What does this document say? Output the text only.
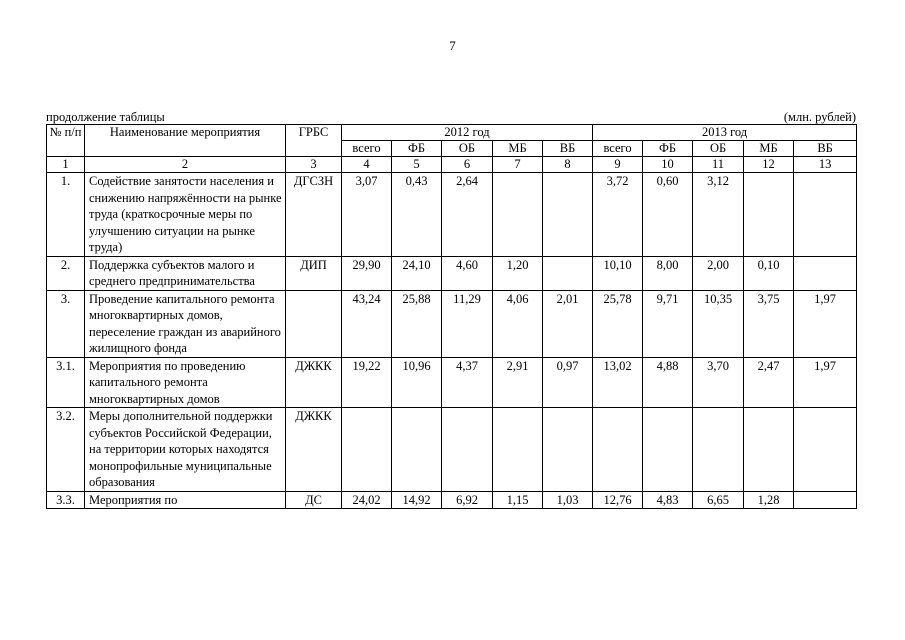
7
продолжение таблицы	(млн. рублей)
№ п/п	Наименование мероприятия	ГРБС	2012 год					2013 год				
			всего	ФБ	ОБ	МБ	ВБ	всего	ФБ	ОБ	МБ	ВБ
1	2	3	4	5	6	7	8	9	10	11	12	13
1.	Содействие занятости населения и снижению напряжённости на рынке труда (краткосрочные меры по улучшению ситуации на рынке труда)	ДГСЗН	3,07	0,43	2,64			3,72	0,60	3,12		
2.	Поддержка субъектов малого и среднего предпринимательства	ДИП	29,90	24,10	4,60	1,20		10,10	8,00	2,00	0,10	
3.	Проведение капитального ремонта многоквартирных домов, переселение граждан из аварийного жилищного фонда		43,24	25,88	11,29	4,06	2,01	25,78	9,71	10,35	3,75	1,97
3.1.	Мероприятия по проведению капитального ремонта многоквартирных домов	ДЖКК	19,22	10,96	4,37	2,91	0,97	13,02	4,88	3,70	2,47	1,97
3.2.	Меры дополнительной поддержки субъектов Российской Федерации, на территории которых находятся монопрофильные муниципальные образования	ДЖКК										
3.3.	Мероприятия по	ДС	24,02	14,92	6,92	1,15	1,03	12,76	4,83	6,65	1,28	
